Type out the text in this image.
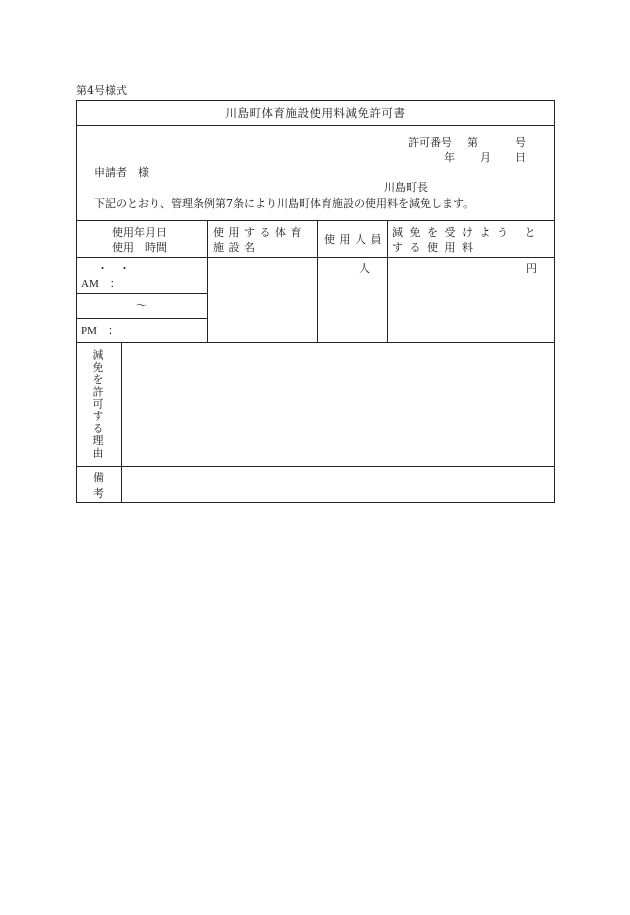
第4号様式
川島町体育施設使用料減免許可書
許可番号 第	号
年 月 日
申請者　様
川島町長
下記のとおり、管理条例第7条により川島町体育施設の使用料を減免します。
使用年月日
使用　時間
使用する体育
施設名
使用人員
減免を受けよう と
する使用料
・　・
AM　：
～
PM　：
人	円
減免を許可する理由
備
考
